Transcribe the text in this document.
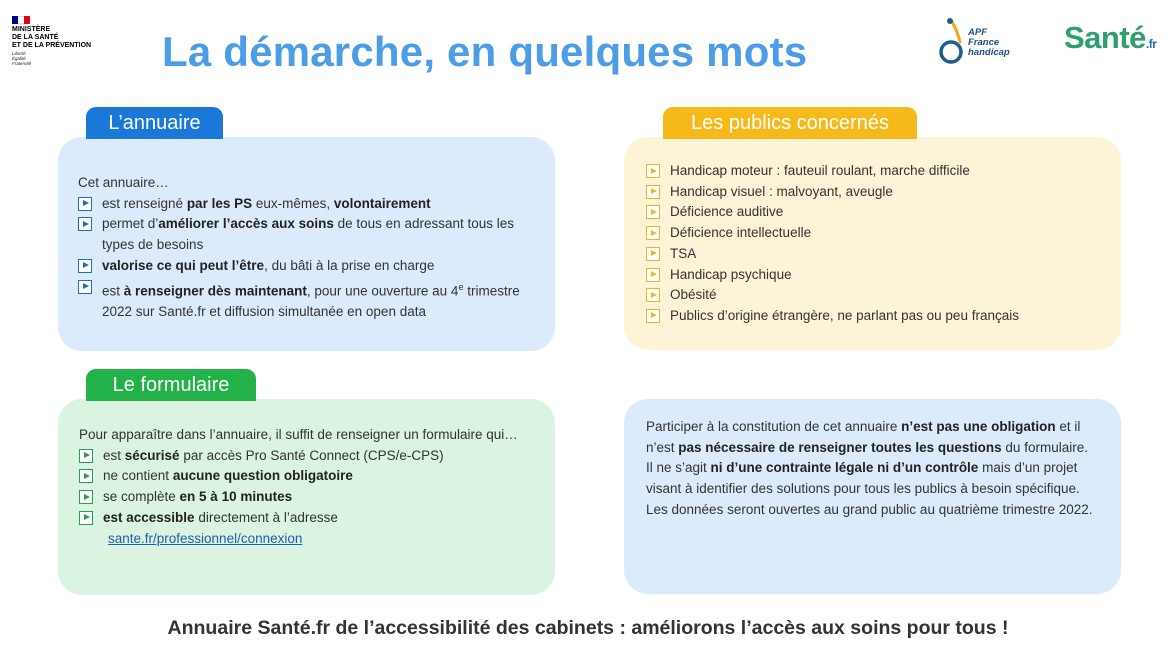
MINISTÈRE
DE LA SANTÉ
ET DE LA PRÉVENTION
Liberté
Égalité
Fraternité	La démarche, en quelques mots	APF
France
handicap Santé.fr
L’annuaire	Les publics concernés
Le formulaire
Cet annuaire…
est renseigné par les PS eux-mêmes, volontairement
permet d’améliorer l’accès aux soins de tous en adressant tous les types de besoins
valorise ce qui peut l’être, du bâti à la prise en charge
est à renseigner dès maintenant, pour une ouverture au 4e trimestre 2022 sur Santé.fr et diffusion simultanée en open data
Handicap moteur : fauteuil roulant, marche difficile
Handicap visuel : malvoyant, aveugle
Déficience auditive
Déficience intellectuelle
TSA
Handicap psychique
Obésité
Publics d’origine étrangère, ne parlant pas ou peu français
Pour apparaître dans l’annuaire, il suffit de renseigner un formulaire qui…
est sécurisé par accès Pro Santé Connect (CPS/e-CPS)
ne contient aucune question obligatoire
se complète en 5 à 10 minutes
est accessible directement à l’adresse
sante.fr/professionnel/connexion
Participer à la constitution de cet annuaire n’est pas une obligation et il n’est pas nécessaire de renseigner toutes les questions du formulaire.
Il ne s’agit ni d’une contrainte légale ni d’un contrôle mais d’un projet visant à identifier des solutions pour tous les publics à besoin spécifique.
Les données seront ouvertes au grand public au quatrième trimestre 2022.
Annuaire Santé.fr de l’accessibilité des cabinets : améliorons l’accès aux soins pour tous !
